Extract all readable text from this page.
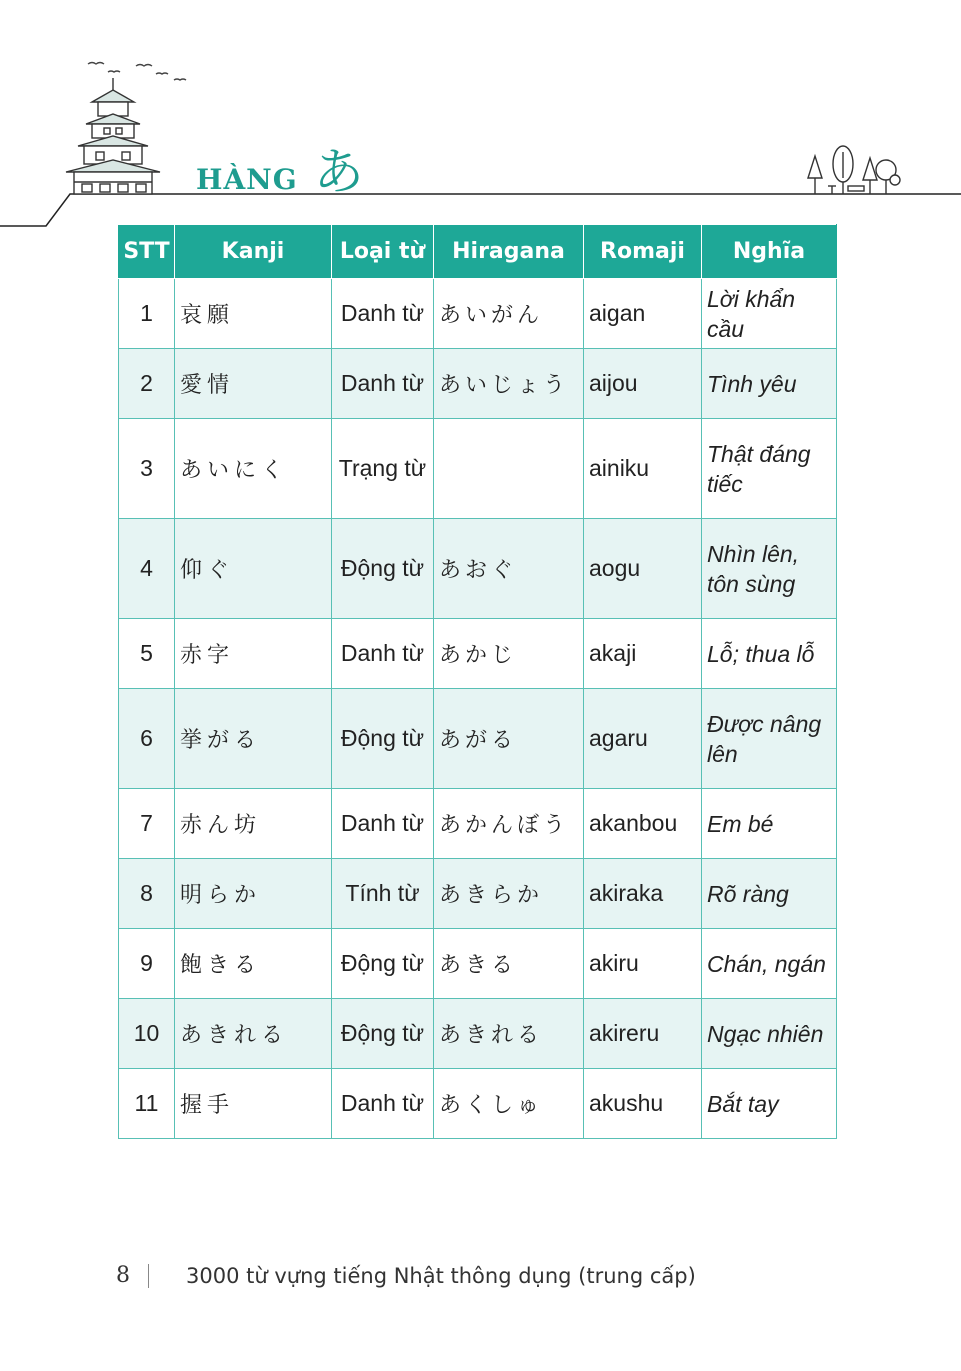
HÀNG あ
STT	Kanji	Loại từ	Hiragana	Romaji	Nghĩa
1	哀願	Danh từ	あいがん	aigan	Lời khẩn cầu
2	愛情	Danh từ	あいじょう	aijou	Tình yêu
3	あいにく	Trạng từ		ainiku	Thật đáng tiếc
4	仰ぐ	Động từ	あおぐ	aogu	Nhìn lên, tôn sùng
5	赤字	Danh từ	あかじ	akaji	Lỗ; thua lỗ
6	挙がる	Động từ	あがる	agaru	Được nâng lên
7	赤ん坊	Danh từ	あかんぼう	akanbou	Em bé
8	明らか	Tính từ	あきらか	akiraka	Rõ ràng
9	飽きる	Động từ	あきる	akiru	Chán, ngán
10	あきれる	Động từ	あきれる	akireru	Ngạc nhiên
11	握手	Danh từ	あくしゅ	akushu	Bắt tay
8	3000 từ vựng tiếng Nhật thông dụng (trung cấp)
